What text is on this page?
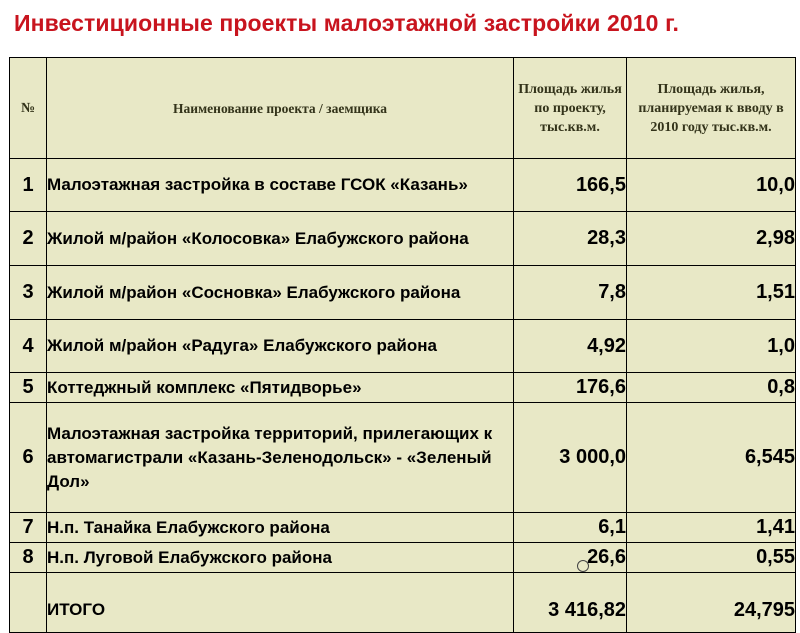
Инвестиционные проекты малоэтажной застройки 2010 г.
№	Наименование проекта / заемщика	Площадь жилья по проекту, тыс.кв.м.	Площадь жилья, планируемая к вводу в 2010 году тыс.кв.м.
1	Малоэтажная застройка в составе ГСОК «Казань»	166,5	10,0
2	Жилой м/район «Колосовка» Елабужского района	28,3	2,98
3	Жилой м/район «Сосновка» Елабужского района	7,8	1,51
4	Жилой м/район «Радуга» Елабужского района	4,92	1,0
5	Коттеджный комплекс «Пятидворье»	176,6	0,8
6	Малоэтажная застройка территорий, прилегающих к автомагистрали «Казань-Зеленодольск» - «Зеленый Дол»	3 000,0	6,545
7	Н.п. Танайка Елабужского района	6,1	1,41
8	Н.п. Луговой Елабужского района	26,6	0,55
	ИТОГО	3 416,82	24,795
